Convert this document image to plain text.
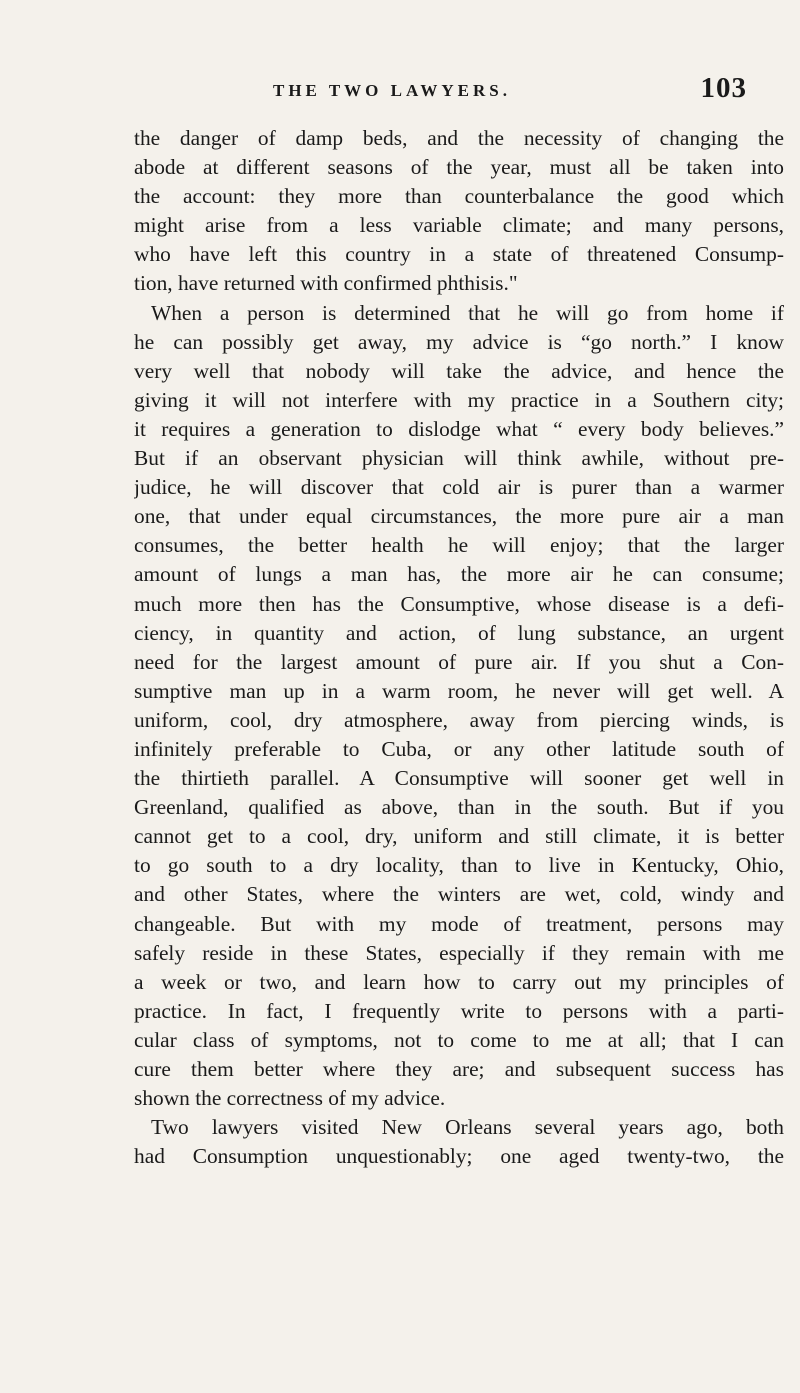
THE TWO LAWYERS.	103
the danger of damp beds, and the necessity of changing the
abode at different seasons of the year, must all be taken into
the account: they more than counterbalance the good which
might arise from a less variable climate; and many persons,
who have left this country in a state of threatened Consump-
tion, have returned with confirmed phthisis."
When a person is determined that he will go from home if
he can possibly get away, my advice is “go north.” I know
very well that nobody will take the advice, and hence the
giving it will not interfere with my practice in a Southern city;
it requires a generation to dislodge what “ every body believes.”
But if an observant physician will think awhile, without pre-
judice, he will discover that cold air is purer than a warmer
one, that under equal circumstances, the more pure air a man
consumes, the better health he will enjoy; that the larger
amount of lungs a man has, the more air he can consume;
much more then has the Consumptive, whose disease is a defi-
ciency, in quantity and action, of lung substance, an urgent
need for the largest amount of pure air. If you shut a Con-
sumptive man up in a warm room, he never will get well. A
uniform, cool, dry atmosphere, away from piercing winds, is
infinitely preferable to Cuba, or any other latitude south of
the thirtieth parallel. A Consumptive will sooner get well in
Greenland, qualified as above, than in the south. But if you
cannot get to a cool, dry, uniform and still climate, it is better
to go south to a dry locality, than to live in Kentucky, Ohio,
and other States, where the winters are wet, cold, windy and
changeable. But with my mode of treatment, persons may
safely reside in these States, especially if they remain with me
a week or two, and learn how to carry out my principles of
practice. In fact, I frequently write to persons with a parti-
cular class of symptoms, not to come to me at all; that I can
cure them better where they are; and subsequent success has
shown the correctness of my advice.
Two lawyers visited New Orleans several years ago, both
had Consumption unquestionably; one aged twenty-two, the
